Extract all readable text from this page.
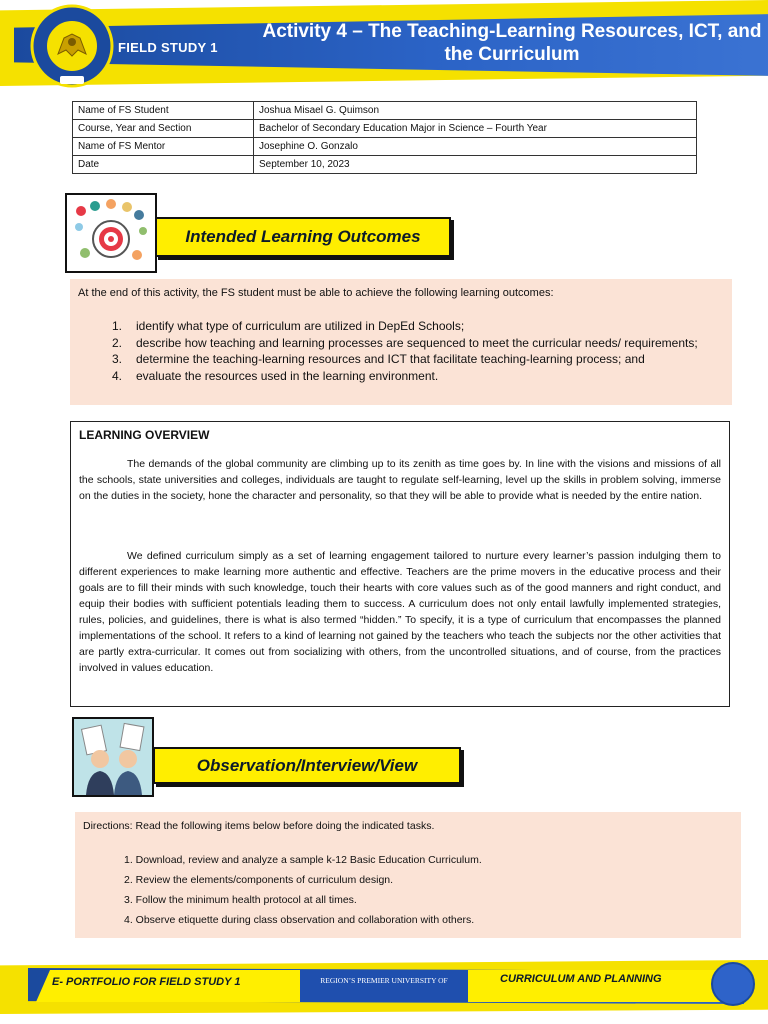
FIELD STUDY 1
Activity 4 – The Teaching-Learning Resources, ICT, and the Curriculum
Name of FS Student	Joshua Misael G. Quimson
Course, Year and Section	Bachelor of Secondary Education Major in Science – Fourth Year
Name of FS Mentor	Josephine O. Gonzalo
Date	September 10, 2023
Intended Learning Outcomes

At the end of this activity, the FS student must be able to achieve the following learning outcomes:

1.	identify what type of curriculum are utilized in DepEd Schools;
2.	describe how teaching and learning processes are sequenced to meet the curricular needs/ requirements;
3.	determine the teaching-learning resources and ICT that facilitate teaching-learning process; and
4.	evaluate the resources used in the learning environment.
LEARNING OVERVIEW

The demands of the global community are climbing up to its zenith as time goes by. In line with the visions and missions of all the schools, state universities and colleges, individuals are taught to regulate self-learning, level up the skills in problem solving, immerse on the duties in the society, hone the character and personality, so that they will be able to provide what is needed by the entire nation.

We defined curriculum simply as a set of learning engagement tailored to nurture every learner’s passion indulging them to different experiences to make learning more authentic and effective. Teachers are the prime movers in the educative process and their goals are to fill their minds with such knowledge, touch their hearts with core values such as of the good manners and right conduct, and equip their bodies with sufficient potentials leading them to success. A curriculum does not only entail lawfully implemented strategies, rules, policies, and guidelines, there is what is also termed “hidden.” To specify, it is a type of curriculum that encompasses the planned implementations of the school. It refers to a kind of learning not gained by the teachers who teach the subjects nor the other activities that are partly extra-curricular. It comes out from socializing with others, from the uncontrolled situations, and of course, from the practices involved in values education.

Observation/Interview/View

Directions: Read the following items below before doing the indicated tasks.

1. Download, review and analyze a sample k-12 Basic Education Curriculum.
2. Review the elements/components of curriculum design.
3. Follow the minimum health protocol at all times.
4. Observe etiquette during class observation and collaboration with others.
E- PORTFOLIO FOR FIELD STUDY 1	REGION’S PREMIER UNIVERSITY OF	CURRICULUM AND PLANNING
